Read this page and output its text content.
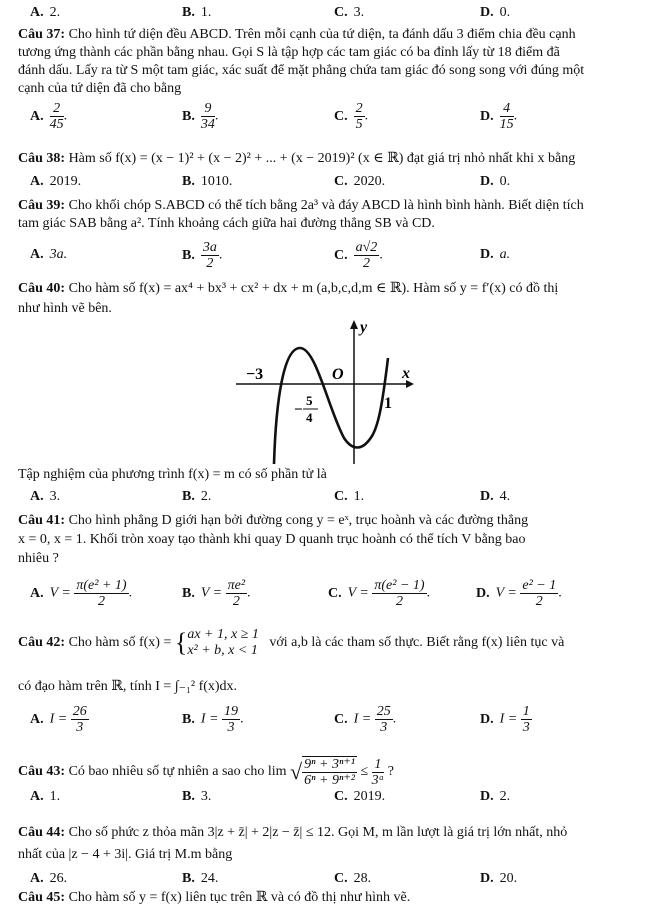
A. 2.	B. 1.	C. 3.	D. 0.
Câu 37: Cho hình tứ diện đều ABCD. Trên mỗi cạnh của tứ diện, ta đánh dấu 3 điểm chia đều cạnh
tương ứng thành các phần bằng nhau. Gọi S là tập hợp các tam giác có ba đỉnh lấy từ 18 điểm đã
đánh dấu. Lấy ra từ S một tam giác, xác suất để mặt phẳng chứa tam giác đó song song với đúng một
cạnh của tứ diện đã cho bằng
A. $\frac{2}{45}$ .	B. $\frac{9}{34}$ .	C. $\frac{2}{5}$ .	D. $\frac{4}{15}$ .
Câu 38: Hàm số f(x) = (x − 1)² + (x − 2)² + ... + (x − 2019)² (x ∈ ℝ) đạt giá trị nhỏ nhất khi x bằng
A. 2019.	B. 1010.	C. 2020.	D. 0.
Câu 39: Cho khối chóp S.ABCD có thể tích bằng 2a³ và đáy ABCD là hình bình hành. Biết diện tích
tam giác SAB bằng a². Tính khoảng cách giữa hai đường thẳng SB và CD.
A. 3a.	B. $\frac{3a}{2}$ .	C. $\frac{a√2}{2}$ .	D. a.
Câu 40: Cho hàm số f(x) = ax⁴ + bx³ + cx² + dx + m (a,b,c,d,m ∈ ℝ). Hàm số y = f′(x) có đồ thị
như hình vẽ bên.
y
x
O
−3
1
−
5
4
Tập nghiệm của phương trình f(x) = m có số phần tử là
A. 3.	B. 2.	C. 1.	D. 4.
Câu 41: Cho hình phẳng D giới hạn bởi đường cong y = eˣ, trục hoành và các đường thẳng
x = 0, x = 1. Khối tròn xoay tạo thành khi quay D quanh trục hoành có thể tích V bằng bao
nhiêu ?
A. $V = \frac{\text{π(e² + 1)}}{2}$ .	B. $V = \frac{\text{πe²}}{2}$ .	C. $V = \frac{\text{π(e² − 1)}}{2}$ .	D. $V = \frac{\text{e² − 1}}{2}$ .
Câu 42: Cho hàm số f(x) = { ax + 1, x ≥ 1
x² + b, x < 1
với a,b là các tham số thực. Biết rằng f(x) liên tục và
có đạo hàm trên ℝ, tính I = ∫₋₁² f(x)dx.
A. $I = \frac{26}{3}$	B. $I = \frac{19}{3}$ .	C. $I = \frac{25}{3}$ .	D. $I = \frac{1}{3}$
Câu 43: Có bao nhiêu số tự nhiên a sao cho lim √ $\frac{\text{9ⁿ + 3ⁿ⁺¹}}{\text{6ⁿ + 9ⁿ⁺²}} \le \frac{1}{\text{3ᵃ}}$ ?
A. 1.	B. 3.	C. 2019.	D. 2.
Câu 44: Cho số phức z thỏa mãn 3|z + z̄| + 2|z − z̄| ≤ 12. Gọi M, m lần lượt là giá trị lớn nhất, nhỏ
nhất của |z − 4 + 3i|. Giá trị M.m bằng
A. 26.	B. 24.	C. 28.	D. 20.
Câu 45: Cho hàm số y = f(x) liên tục trên ℝ và có đồ thị như hình vẽ.
